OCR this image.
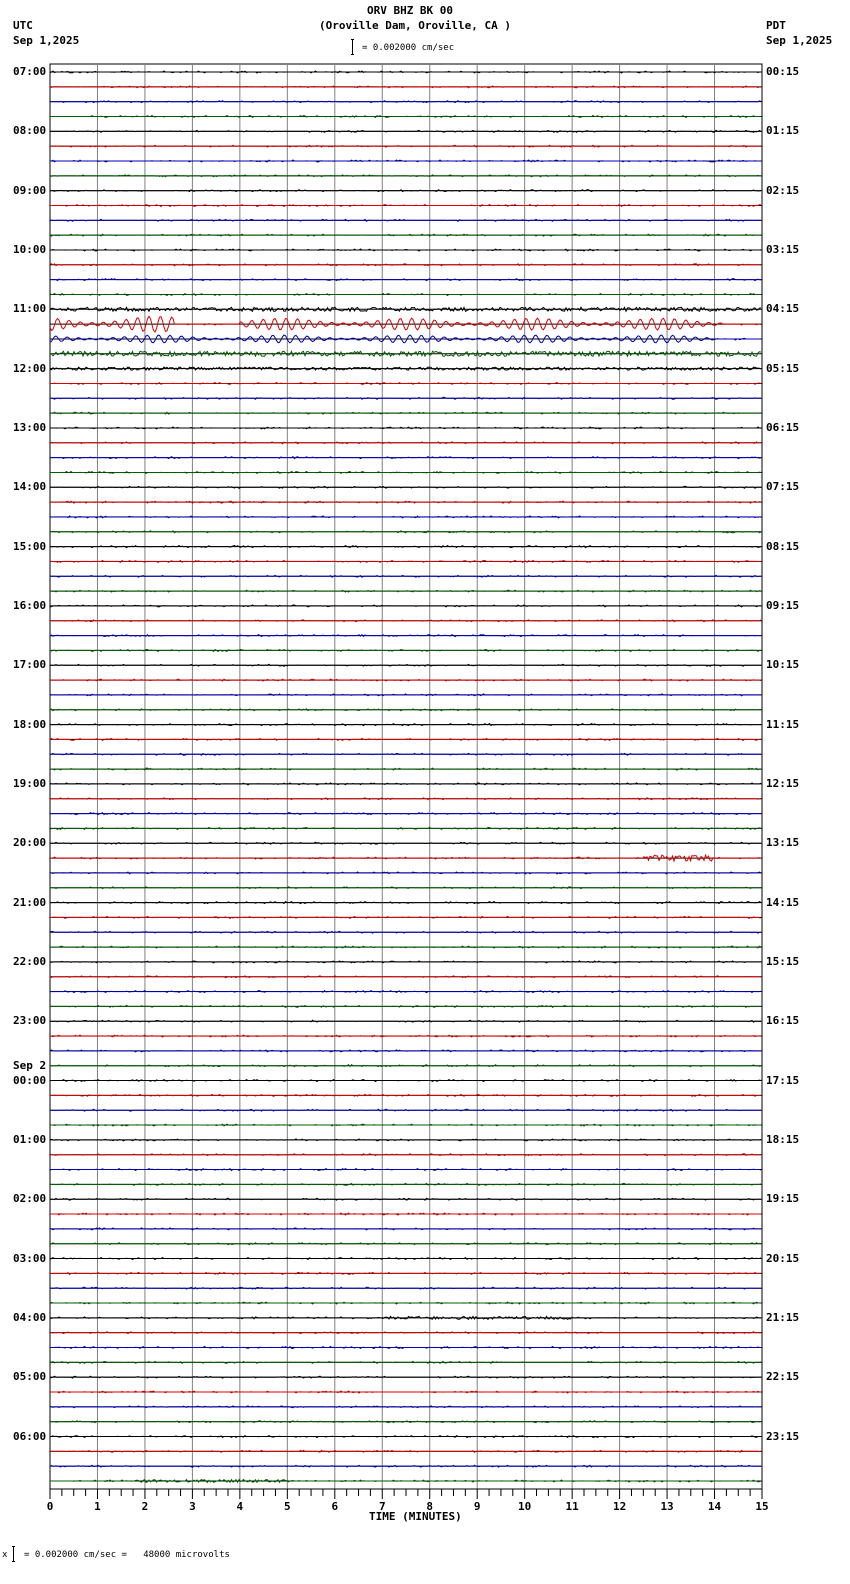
0	1	2	3	4	5	6	7	8	9	10	11	12	13	14	15
ORV BHZ BK 00
(Oroville Dam, Oroville, CA )
UTC
Sep 1,2025
PDT
Sep 1,2025
= 0.002000 cm/sec
TIME (MINUTES)
x = 0.002000 cm/sec =   48000 microvolts
07:00
08:00
09:00
10:00
11:00
12:00
13:00
14:00
15:00
16:00
17:00
18:00
19:00
20:00
21:00
22:00
23:00
00:00
Sep 2
01:00
02:00
03:00
04:00
05:00
06:00
00:15
01:15
02:15
03:15
04:15
05:15
06:15
07:15
08:15
09:15
10:15
11:15
12:15
13:15
14:15
15:15
16:15
17:15
18:15
19:15
20:15
21:15
22:15
23:15
